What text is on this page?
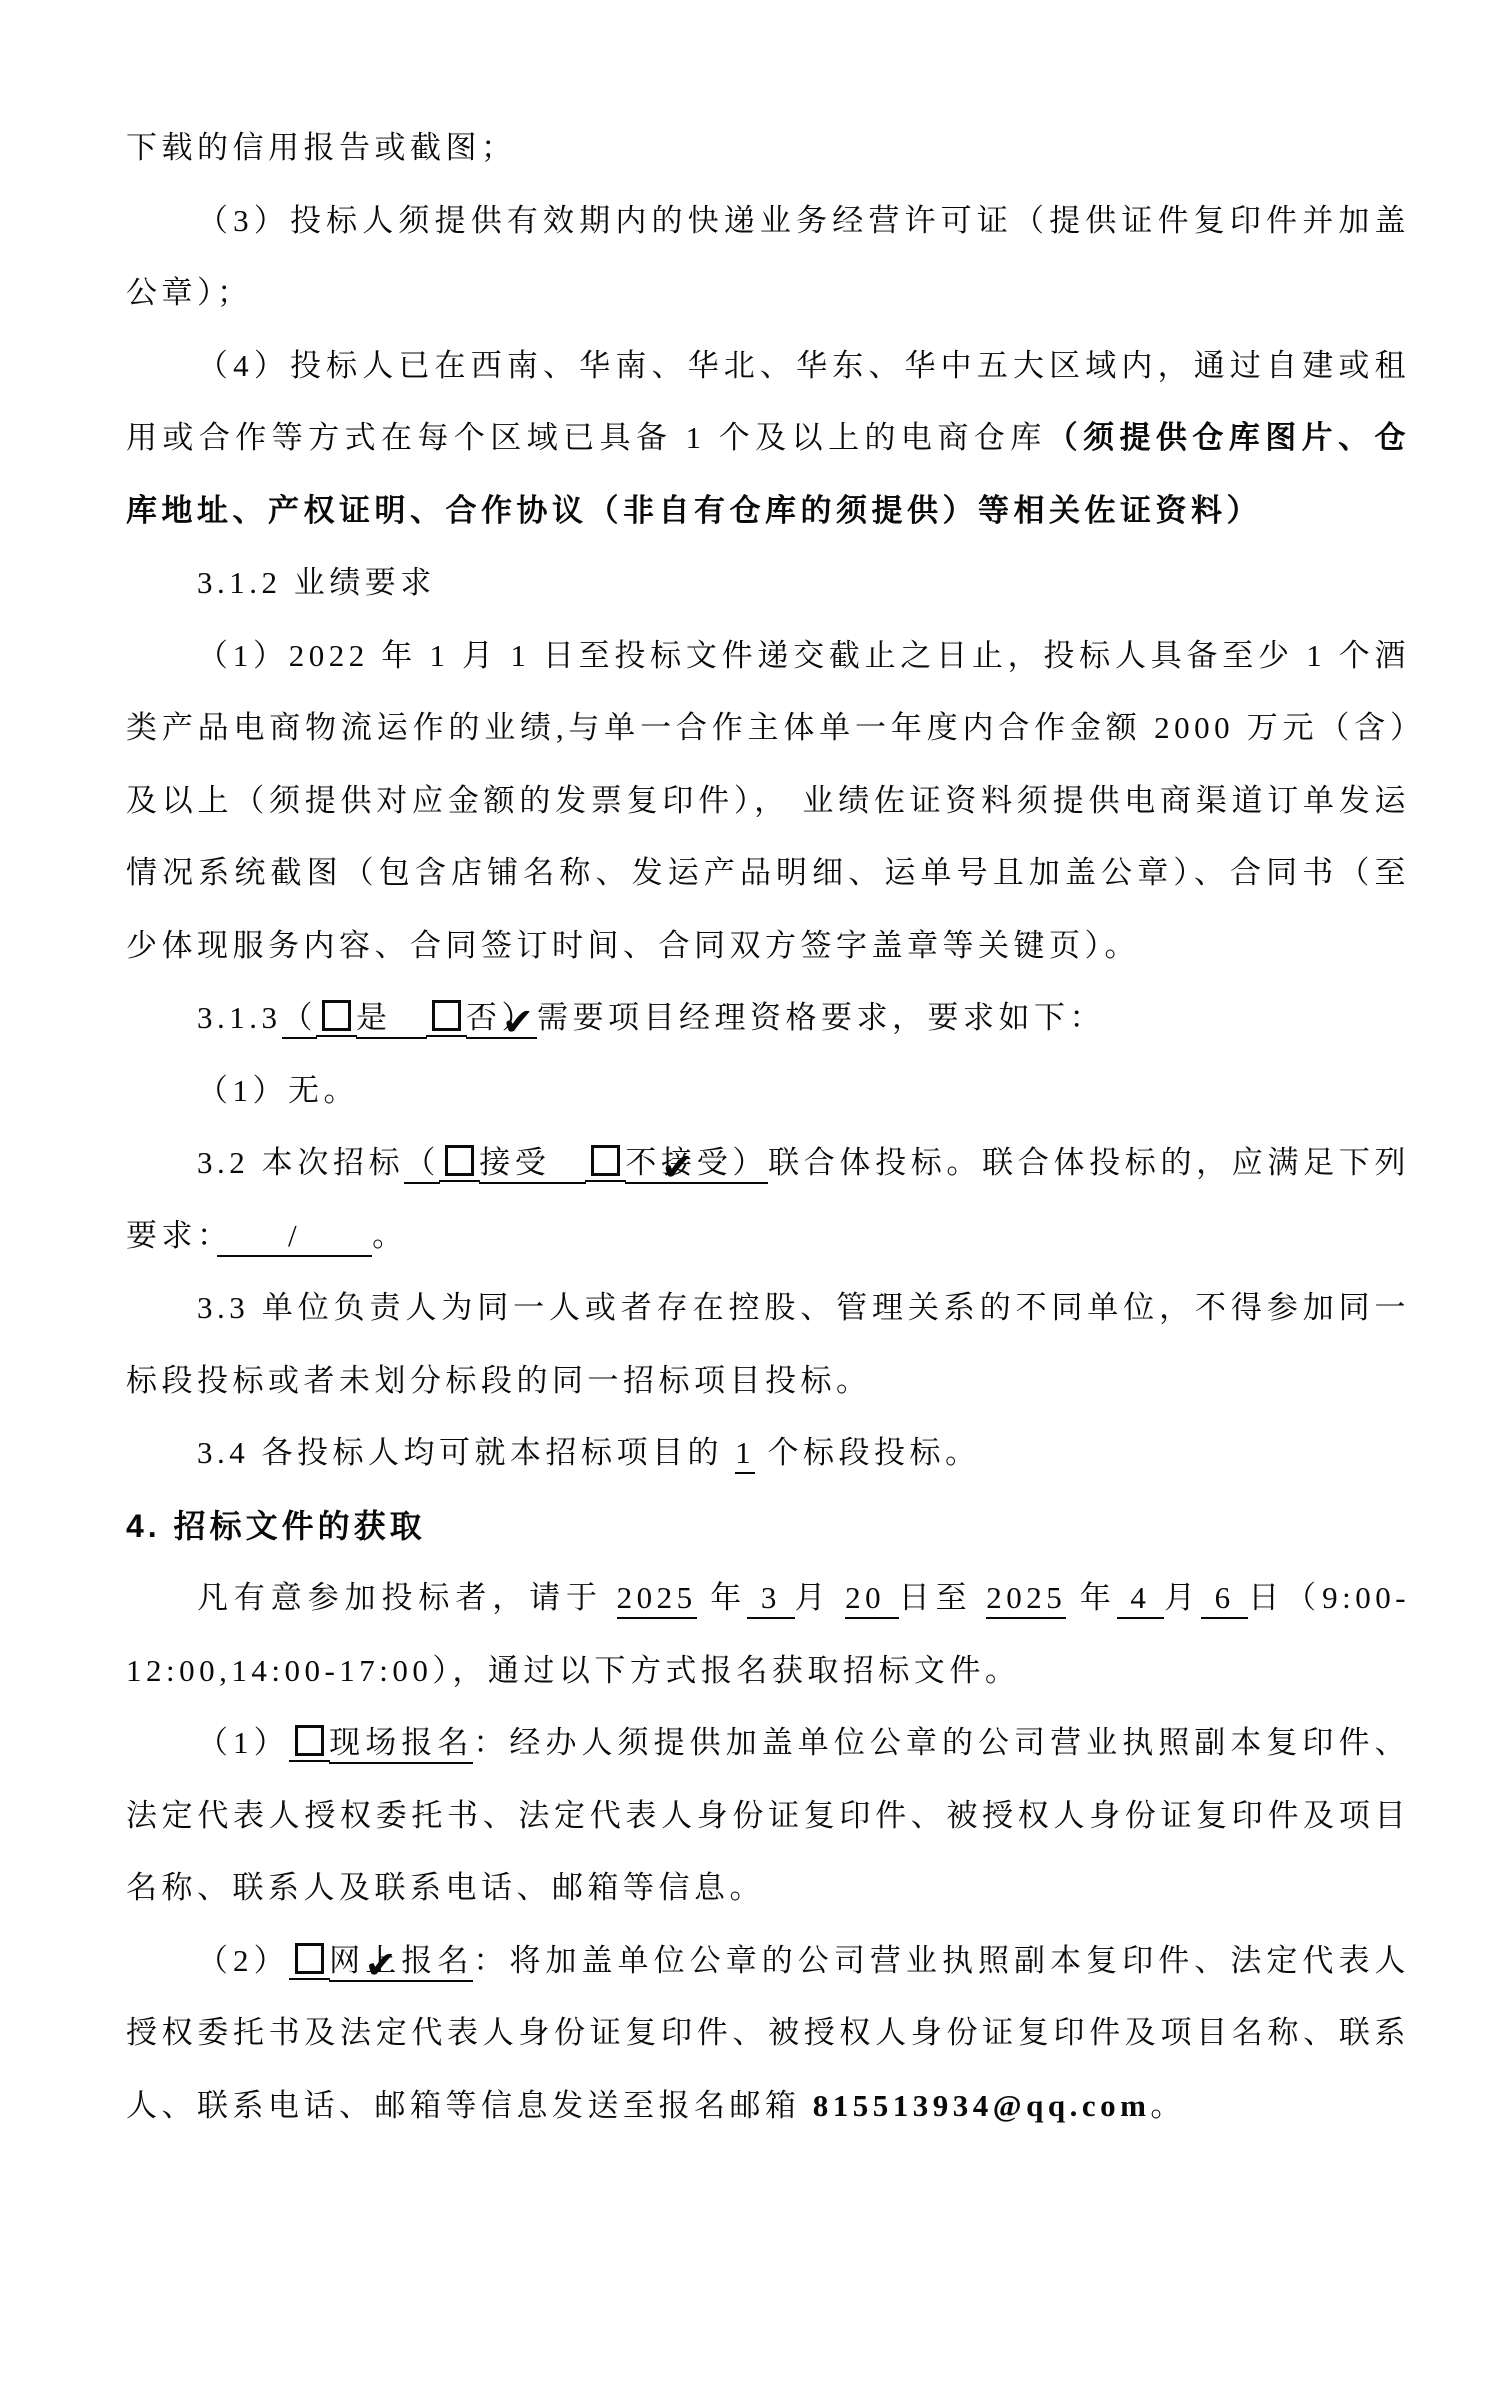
下载的信用报告或截图；

（3）投标人须提供有效期内的快递业务经营许可证（提供证件复印件并加盖公章）；

（4）投标人已在西南、华南、华北、华东、华中五大区域内，通过自建或租用或合作等方式在每个区域已具备 1 个及以上的电商仓库（须提供仓库图片、仓库地址、产权证明、合作协议（非自有仓库的须提供）等相关佐证资料）

3.1.2 业绩要求

（1）2022 年 1 月 1 日至投标文件递交截止之日止，投标人具备至少 1 个酒类产品电商物流运作的业绩,与单一合作主体单一年度内合作金额 2000 万元（含）及以上（须提供对应金额的发票复印件）， 业绩佐证资料须提供电商渠道订单发运情况系统截图（包含店铺名称、发运产品明细、运单号且加盖公章）、合同书（至少体现服务内容、合同签订时间、合同双方签字盖章等关键页）。

3.1.3（ 是　✔否）需要项目经理资格要求，要求如下：

（1）无。

3.2 本次招标（ 接受　✔不接受）联合体投标。联合体投标的，应满足下列要求：　　/　　。

3.3 单位负责人为同一人或者存在控股、管理关系的不同单位，不得参加同一标段投标或者未划分标段的同一招标项目投标。

3.4 各投标人均可就本招标项目的 1 个标段投标。

4. 招标文件的获取

凡有意参加投标者，请于 2025 年 3 月 20 日至 2025 年 4 月 6 日（9:00-12:00,14:00-17:00），通过以下方式报名获取招标文件。

（1） 现场报名：经办人须提供加盖单位公章的公司营业执照副本复印件、法定代表人授权委托书、法定代表人身份证复印件、被授权人身份证复印件及项目名称、联系人及联系电话、邮箱等信息。

（2） ✔ 网上报名：将加盖单位公章的公司营业执照副本复印件、法定代表人授权委托书及法定代表人身份证复印件、被授权人身份证复印件及项目名称、联系人、联系电话、邮箱等信息发送至报名邮箱 815513934@qq.com。
